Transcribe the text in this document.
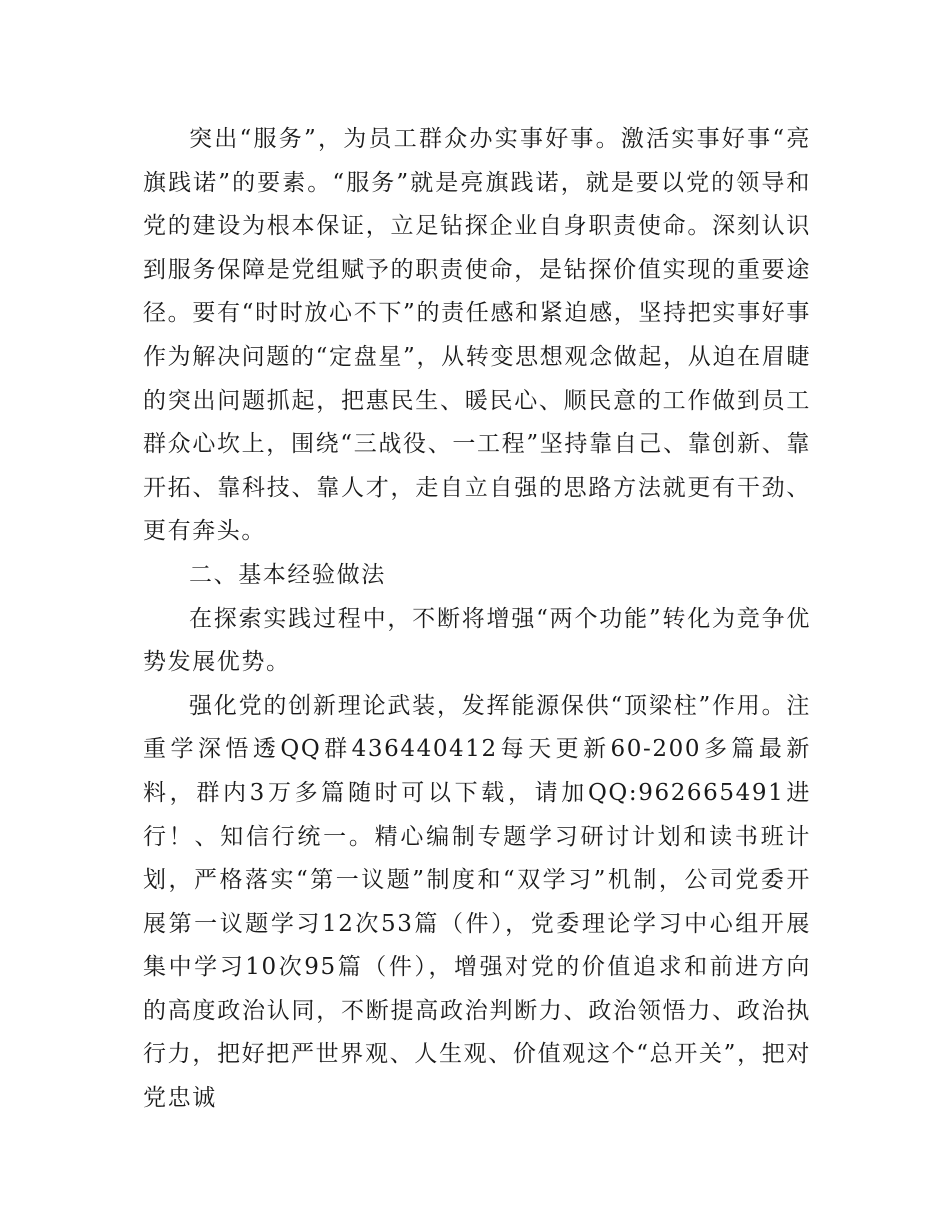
突出“服务”，为员工群众办实事好事。激活实事好事“亮旗践诺”的要素。“服务”就是亮旗践诺，就是要以党的领导和党的建设为根本保证，立足钻探企业自身职责使命。深刻认识到服务保障是党组赋予的职责使命，是钻探价值实现的重要途径。要有“时时放心不下”的责任感和紧迫感，坚持把实事好事作为解决问题的“定盘星”，从转变思想观念做起，从迫在眉睫的突出问题抓起，把惠民生、暖民心、顺民意的工作做到员工群众心坎上，围绕“三战役、一工程”坚持靠自己、靠创新、靠开拓、靠科技、靠人才，走自立自强的思路方法就更有干劲、更有奔头。

二、基本经验做法

在探索实践过程中，不断将增强“两个功能”转化为竞争优势发展优势。

强化党的创新理论武装，发挥能源保供“顶梁柱”作用。注重学深悟透QQ群436440412每天更新60-200多篇最新料，群内3万多篇随时可以下载，请加QQ:962665491进行！、知信行统一。精心编制专题学习研讨计划和读书班计划，严格落实“第一议题”制度和“双学习”机制，公司党委开展第一议题学习12次53篇（件），党委理论学习中心组开展集中学习10次95篇（件），增强对党的价值追求和前进方向的高度政治认同，不断提高政治判断力、政治领悟力、政治执行力，把好把严世界观、人生观、价值观这个“总开关”，把对党忠诚
